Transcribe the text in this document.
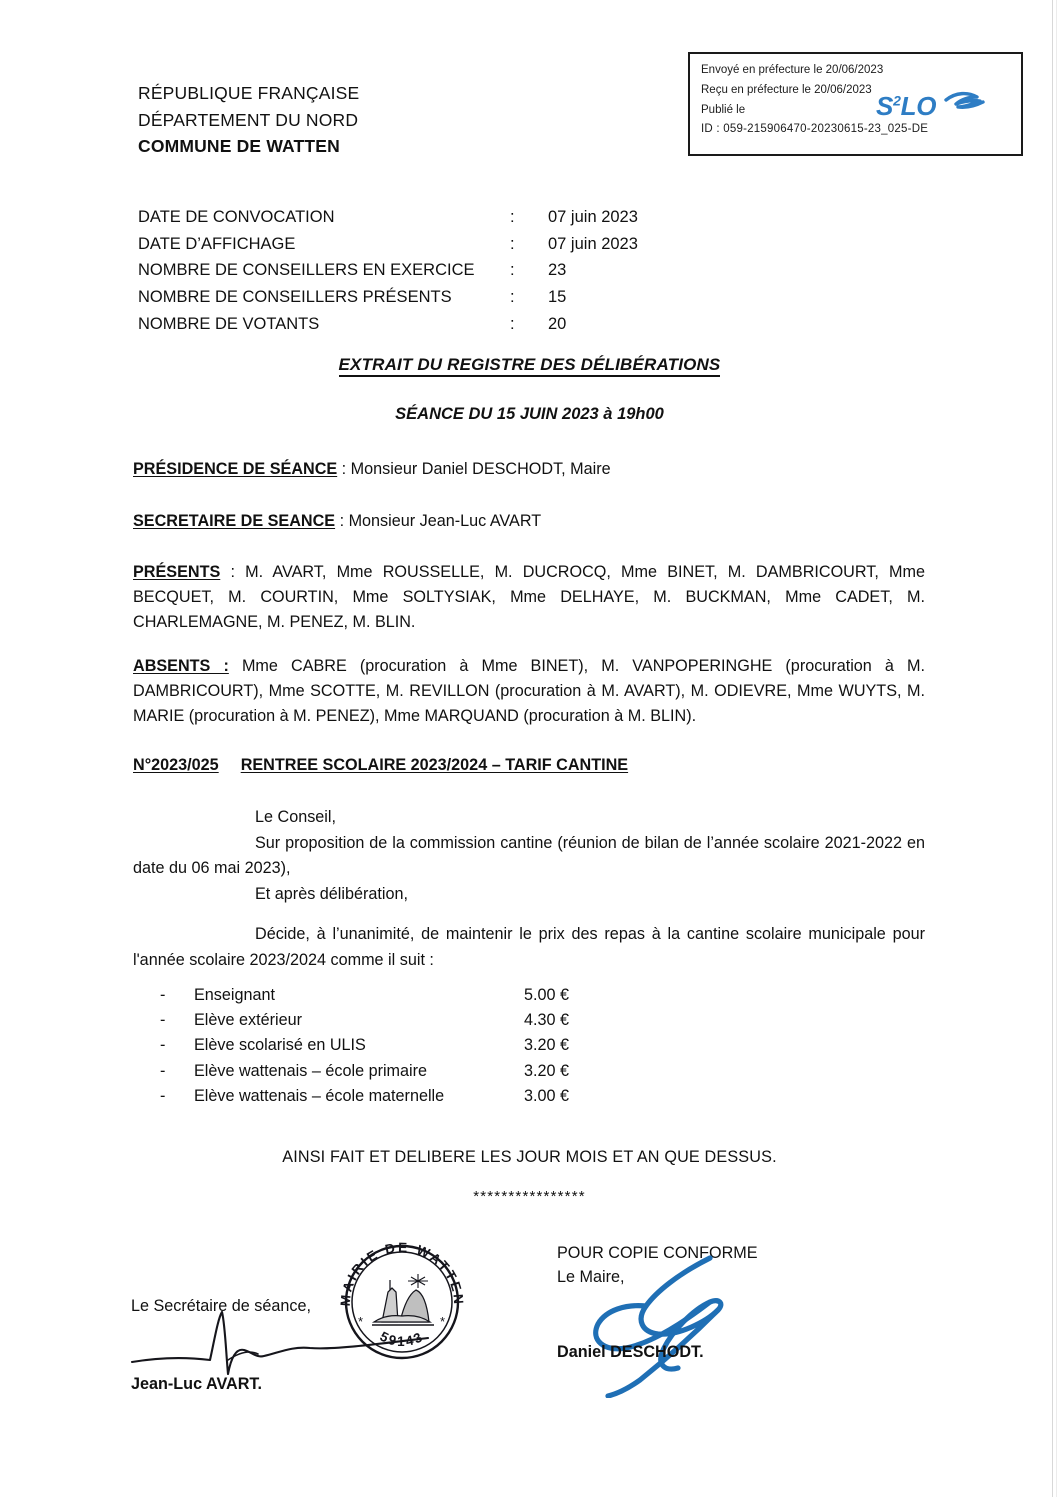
Envoyé en préfecture le 20/06/2023
Reçu en préfecture le 20/06/2023
Publié le
ID : 059-215906470-20230615-23_025-DE
$S^2LO$
RÉPUBLIQUE FRANÇAISE
DÉPARTEMENT DU NORD
COMMUNE DE WATTEN
DATE DE CONVOCATION	:	07 juin 2023
DATE D’AFFICHAGE	:	07 juin 2023
NOMBRE DE CONSEILLERS EN EXERCICE	:	23
NOMBRE DE CONSEILLERS PRÉSENTS	:	15
NOMBRE DE VOTANTS	:	20
EXTRAIT DU REGISTRE DES DÉLIBÉRATIONS
SÉANCE DU 15 JUIN 2023 à 19h00
PRÉSIDENCE DE SÉANCE : Monsieur Daniel DESCHODT, Maire
SECRETAIRE DE SEANCE : Monsieur Jean-Luc AVART
PRÉSENTS : M. AVART, Mme ROUSSELLE, M. DUCROCQ, Mme BINET, M. DAMBRICOURT, Mme BECQUET, M. COURTIN, Mme SOLTYSIAK, Mme DELHAYE, M. BUCKMAN, Mme CADET, M. CHARLEMAGNE, M. PENEZ, M. BLIN.
ABSENTS : Mme CABRE (procuration à Mme BINET), M. VANPOPERINGHE (procuration à M. DAMBRICOURT), Mme SCOTTE, M. REVILLON (procuration à M. AVART), M. ODIEVRE, Mme WUYTS, M. MARIE (procuration à M. PENEZ), Mme MARQUAND (procuration à M. BLIN).
N°2023/025 RENTREE SCOLAIRE 2023/2024 – TARIF CANTINE
Le Conseil,
Sur proposition de la commission cantine (réunion de bilan de l’année scolaire 2021-2022 en date du 06 mai 2023),
Et après délibération,
Décide, à l’unanimité, de maintenir le prix des repas à la cantine scolaire municipale pour l'année scolaire 2023/2024 comme il suit :
-	Enseignant	5.00 €
-	Elève extérieur	4.30 €
-	Elève scolarisé en ULIS	3.20 €
-	Elève wattenais – école primaire	3.20 €
-	Elève wattenais – école maternelle	3.00 €
AINSI FAIT ET DELIBERE LES JOUR MOIS ET AN QUE DESSUS.
****************
MAIRIE DE WATTEN
59143
*	*
Le Secrétaire de séance,
Jean-Luc AVART.
POUR COPIE CONFORME
Le Maire,
Daniel DESCHODT.
